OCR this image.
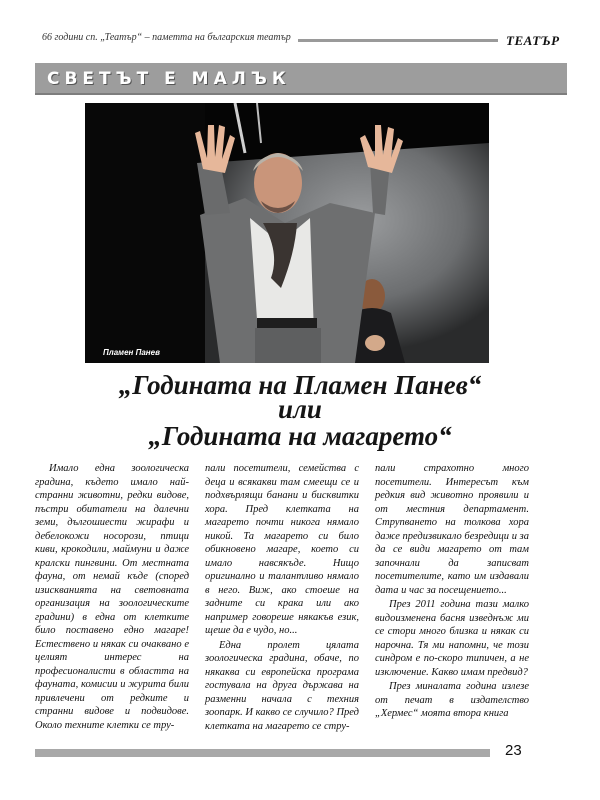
66 години сп. „Театър“ – паметта на българския театър	ТЕАТЪР
СВЕТЪТ Е МАЛЪК
Пламен Панев
„Годината на Пламен Панев“
или
„Годината на магарето“

Имало една зоологическа градина, където имало най-странни животни, редки видове, пъстри обитатели на далечни земи, дългошиести жирафи и дебелокожи носорози, птици киви, крокодили, маймуни и даже кралски пингвини. От местната фауна, от немай къде (според изискванията на световната организация на зоологическите градини) в една от клетките било поставено едно магаре! Естествено и някак си очаквано е целият интерес на професионалисти в областта на фауната, комисии и журита били привлечени от редките и странни видове и подвидове. Около техните клетки се тру-

пали посетители, семейства с деца и всякакви там смеещи се и подхвърлящи банани и бисквитки хора. Пред клетката на магарето почти никога нямало никой. Та магарето си било обикновено магаре, което си имало навсякъде. Нищо оригинално и талантливо нямало в него. Виж, ако стоеше на задните си крака или ако например говореше някакъв език, щеше да е чудо, но...

Една пролет цялата зоологическа градина, обаче, по някаква си европейска програма гостувала на друга държава на разменни начала с техния зоопарк. И какво се случило? Пред клетката на магарето се стру-

пали страхотно много посетители. Интересът към редкия вид животно проявили и от местния департамент. Струпването на толкова хора даже предизвикало безредици и за да се види магарето от там започнали да записват посетителите, като им издавали дата и час за посещението...

През 2011 година тази малко видоизменена басня изведнъж ми се стори много близка и някак си нарочна. Тя ми напомни, че този синдром е по-скоро типичен, а не изключение. Какво имам предвид?

През миналата година излезе от печат в издателство „Хермес“ моята втора книга

23
